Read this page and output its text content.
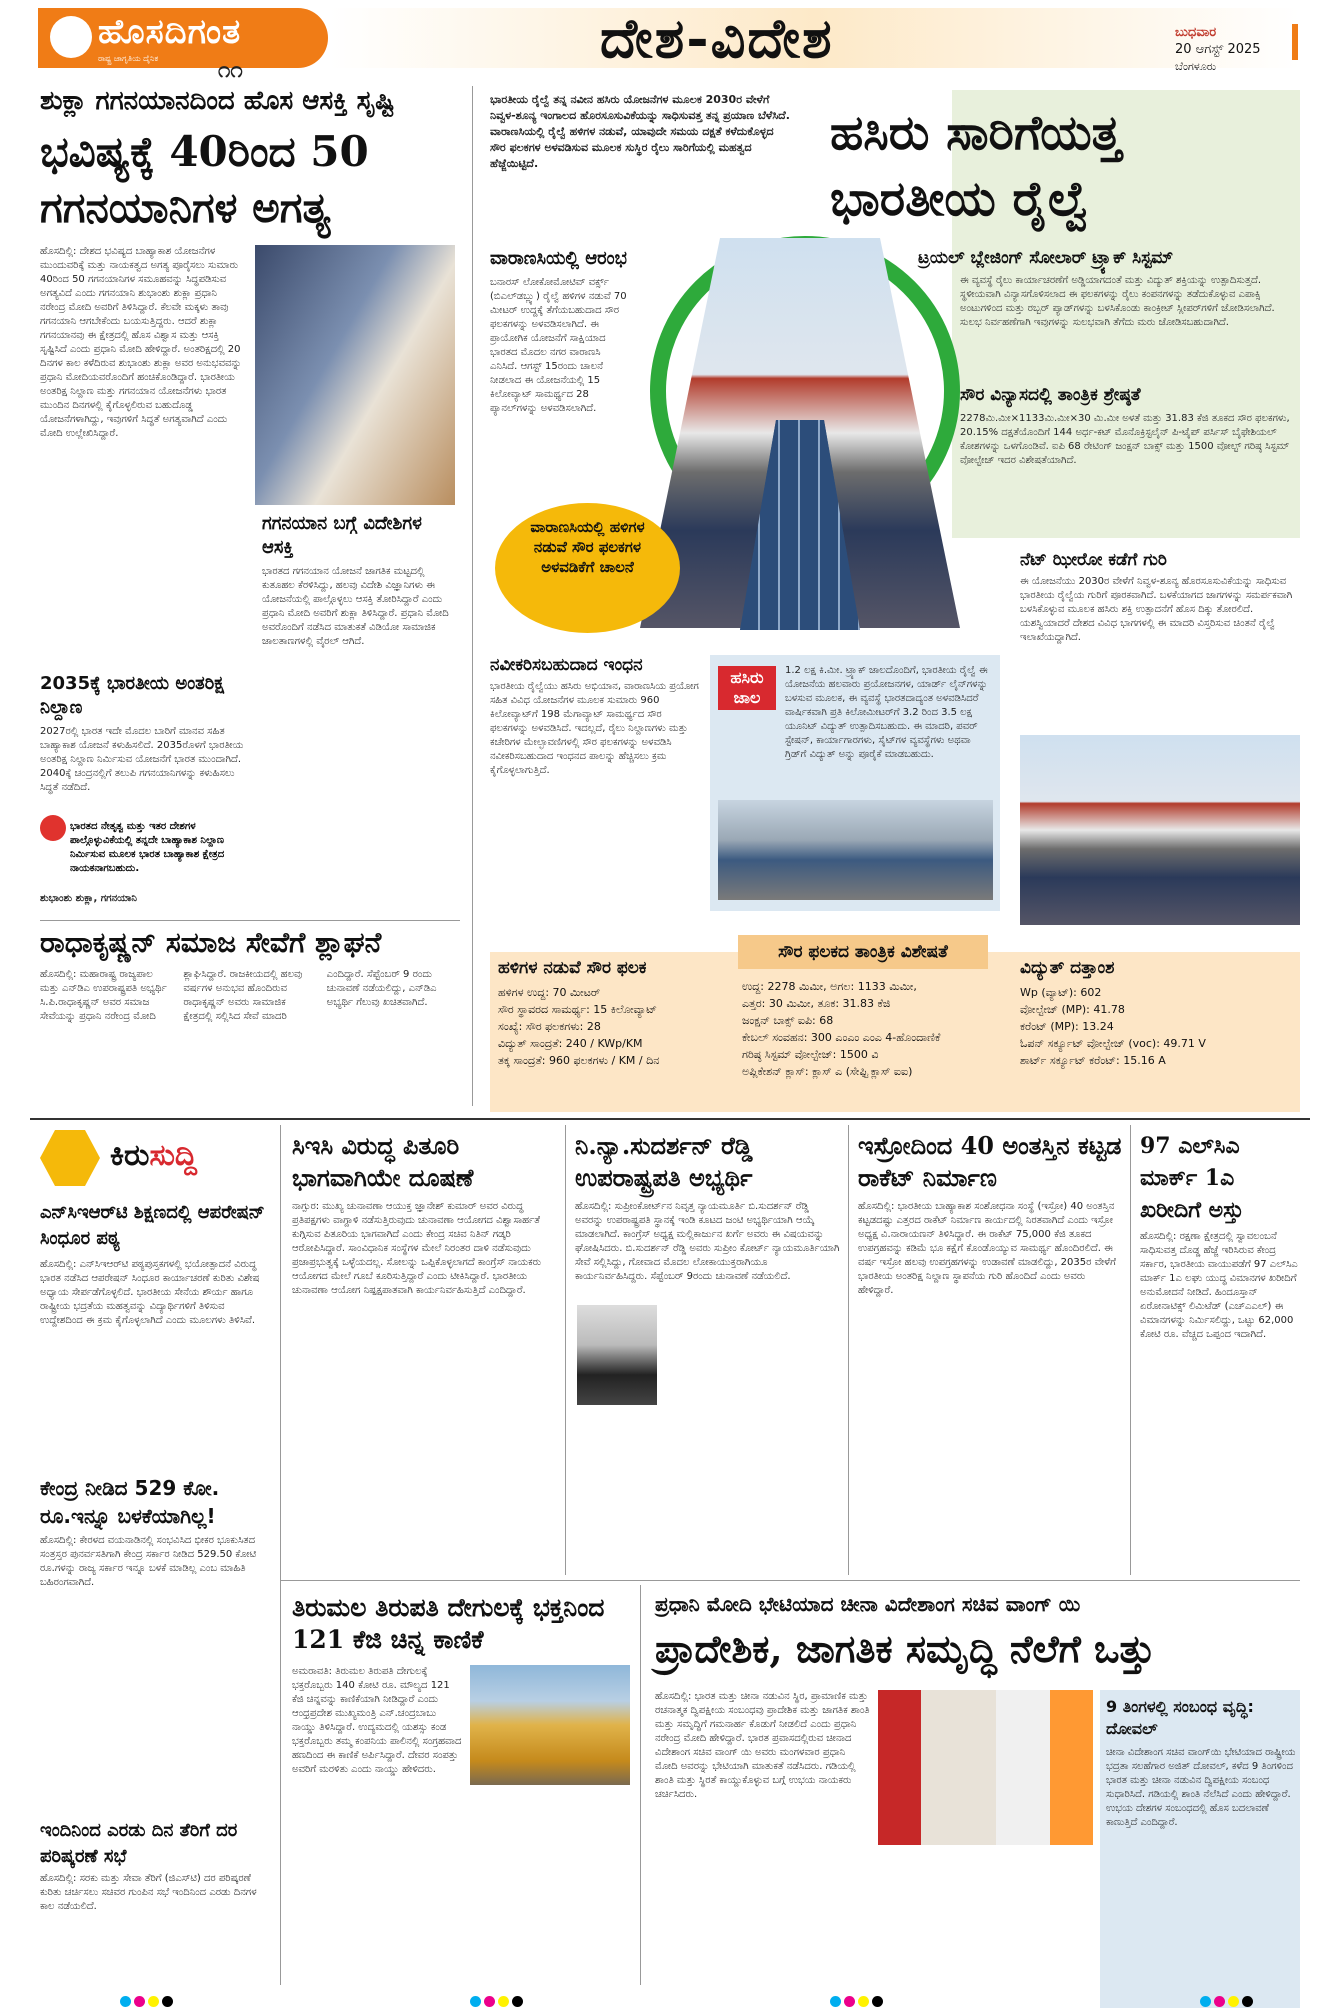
ಹೊಸದಿಗಂತ
ರಾಷ್ಟ್ರ ಜಾಗೃತಿಯ ದೈನಿಕ	೧೧
ದೇಶ-ವಿದೇಶ	ಬುಧವಾರ
20 ಆಗಸ್ಟ್ 2025
ಬೆಂಗಳೂರು
ಶುಕ್ಲಾ ಗಗನಯಾನದಿಂದ ಹೊಸ ಆಸಕ್ತಿ ಸೃಷ್ಟಿ
ಭವಿಷ್ಯಕ್ಕೆ 40ರಿಂದ 50 ಗಗನಯಾನಿಗಳ ಅಗತ್ಯ
ಹೊಸದಿಲ್ಲಿ: ದೇಶದ ಭವಿಷ್ಯದ ಬಾಹ್ಯಾಕಾಶ ಯೋಜನೆಗಳ ಮುಂದುವರಿಕ್ಕೆ ಮತ್ತು ನಾಯಕತ್ವದ ಅಗತ್ಯ ಪೂರೈಸಲು ಸುಮಾರು 40ರಿಂದ 50 ಗಗನಯಾನಿಗಳ ಸಮೂಹವನ್ನು ಸಿದ್ಧಪಡಿಸುವ ಅಗತ್ಯವಿದೆ ಎಂದು ಗಗನಯಾನಿ ಶುಭಾಂಶು ಶುಕ್ಲಾ ಪ್ರಧಾನಿ ನರೇಂದ್ರ ಮೋದಿ ಅವರಿಗೆ ತಿಳಿಸಿದ್ದಾರೆ. ಕೆಲವೇ ಮಕ್ಕಳು ತಾವು ಗಗನಯಾನಿ ಆಗಬೇಕೆಂದು ಬಯಸುತ್ತಿದ್ದರು. ಆದರೆ ಶುಕ್ಲಾ ಗಗನಯಾನವು ಈ ಕ್ಷೇತ್ರದಲ್ಲಿ ಹೊಸ ವಿಶ್ವಾಸ ಮತ್ತು ಆಸಕ್ತಿ ಸೃಷ್ಟಿಸಿದೆ ಎಂದು ಪ್ರಧಾನಿ ಮೋದಿ ಹೇಳಿದ್ದಾರೆ. ಅಂತರಿಕ್ಷದಲ್ಲಿ 20 ದಿನಗಳ ಕಾಲ ಕಳೆದಿರುವ ಶುಭಾಂಶು ಶುಕ್ಲಾ ಅವರ ಅನುಭವವನ್ನು ಪ್ರಧಾನಿ ಮೋದಿಯವರೊಂದಿಗೆ ಹಂಚಿಕೊಂಡಿದ್ದಾರೆ. ಭಾರತೀಯ ಅಂತರಿಕ್ಷ ನಿಲ್ದಾಣ ಮತ್ತು ಗಗನಯಾನ ಯೋಜನೆಗಳು ಭಾರತ ಮುಂದಿನ ದಿನಗಳಲ್ಲಿ ಕೈಗೊಳ್ಳಲಿರುವ ಬಹುದೊಡ್ಡ ಯೋಜನೆಗಳಾಗಿದ್ದು, ಇವುಗಳಿಗೆ ಸಿದ್ಧತೆ ಅಗತ್ಯವಾಗಿದೆ ಎಂದು ಮೋದಿ ಉಲ್ಲೇಖಿಸಿದ್ದಾರೆ.
ಗಗನಯಾನ ಬಗ್ಗೆ ವಿದೇಶಿಗಳ ಆಸಕ್ತಿ
ಭಾರತದ ಗಗನಯಾನ ಯೋಜನೆ ಜಾಗತಿಕ ಮಟ್ಟದಲ್ಲಿ ಕುತೂಹಲ ಕೆರಳಿಸಿದ್ದು, ಹಲವು ವಿದೇಶಿ ವಿಜ್ಞಾನಿಗಳು ಈ ಯೋಜನೆಯಲ್ಲಿ ಪಾಲ್ಗೊಳ್ಳಲು ಆಸಕ್ತಿ ತೋರಿಸಿದ್ದಾರೆ ಎಂದು ಪ್ರಧಾನಿ ಮೋದಿ ಅವರಿಗೆ ಶುಕ್ಲಾ ತಿಳಿಸಿದ್ದಾರೆ. ಪ್ರಧಾನಿ ಮೋದಿ ಅವರೊಂದಿಗೆ ನಡೆಸಿದ ಮಾತುಕತೆ ವಿಡಿಯೋ ಸಾಮಾಜಿಕ ಜಾಲತಾಣಗಳಲ್ಲಿ ವೈರಲ್ ಆಗಿದೆ.
2035ಕ್ಕೆ ಭಾರತೀಯ ಅಂತರಿಕ್ಷ ನಿಲ್ದಾಣ
2027ರಲ್ಲಿ ಭಾರತ ಇದೇ ಮೊದಲ ಬಾರಿಗೆ ಮಾನವ ಸಹಿತ ಬಾಹ್ಯಾಕಾಶ ಯೋಜನೆ ಕಳುಹಿಸಲಿದೆ. 2035ರೊಳಗೆ ಭಾರತೀಯ ಅಂತರಿಕ್ಷ ನಿಲ್ದಾಣ ನಿರ್ಮಿಸುವ ಯೋಜನೆಗೆ ಭಾರತ ಮುಂದಾಗಿದೆ. 2040ಕ್ಕೆ ಚಂದ್ರನಲ್ಲಿಗೆ ತಲುಪಿ ಗಗನಯಾನಿಗಳನ್ನು ಕಳುಹಿಸಲು ಸಿದ್ಧತೆ ನಡೆದಿದೆ.
ಭಾರತದ ನೇತೃತ್ವ ಮತ್ತು ಇತರ ದೇಶಗಳ ಪಾಲ್ಗೊಳ್ಳುವಿಕೆಯಲ್ಲಿ ತನ್ನದೇ ಬಾಹ್ಯಾಕಾಶ ನಿಲ್ದಾಣ ನಿರ್ಮಿಸುವ ಮೂಲಕ ಭಾರತ ಬಾಹ್ಯಾಕಾಶ ಕ್ಷೇತ್ರದ ನಾಯಕನಾಗಬಹುದು.
ಶುಭಾಂಶು ಶುಕ್ಲಾ, ಗಗನಯಾನಿ
ರಾಧಾಕೃಷ್ಣನ್ ಸಮಾಜ ಸೇವೆಗೆ ಶ್ಲಾಘನೆ
ಹೊಸದಿಲ್ಲಿ: ಮಹಾರಾಷ್ಟ್ರ ರಾಜ್ಯಪಾಲ ಮತ್ತು ಎನ್‌ಡಿಎ ಉಪರಾಷ್ಟ್ರಪತಿ ಅಭ್ಯರ್ಥಿ ಸಿ.ಪಿ.ರಾಧಾಕೃಷ್ಣನ್ ಅವರ ಸಮಾಜ ಸೇವೆಯನ್ನು ಪ್ರಧಾನಿ ನರೇಂದ್ರ ಮೋದಿ ಶ್ಲಾಘಿಸಿದ್ದಾರೆ. ರಾಜಕೀಯದಲ್ಲಿ ಹಲವು ವರ್ಷಗಳ ಅನುಭವ ಹೊಂದಿರುವ ರಾಧಾಕೃಷ್ಣನ್ ಅವರು ಸಾಮಾಜಿಕ ಕ್ಷೇತ್ರದಲ್ಲಿ ಸಲ್ಲಿಸಿದ ಸೇವೆ ಮಾದರಿ ಎಂದಿದ್ದಾರೆ. ಸೆಪ್ಟೆಂಬರ್ 9 ರಂದು ಚುನಾವಣೆ ನಡೆಯಲಿದ್ದು, ಎನ್‌ಡಿಎ ಅಭ್ಯರ್ಥಿ ಗೆಲುವು ಖಚಿತವಾಗಿದೆ.
ಭಾರತೀಯ ರೈಲ್ವೆ ತನ್ನ ನವೀನ ಹಸಿರು ಯೋಜನೆಗಳ ಮೂಲಕ 2030ರ ವೇಳೆಗೆ ನಿವ್ವಳ-ಶೂನ್ಯ ಇಂಗಾಲದ ಹೊರಸೂಸುವಿಕೆಯನ್ನು ಸಾಧಿಸುವತ್ತ ತನ್ನ ಪ್ರಯಾಣ ಬೆಳೆಸಿದೆ. ವಾರಾಣಸಿಯಲ್ಲಿ ರೈಲ್ವೆ ಹಳಿಗಳ ನಡುವೆ, ಯಾವುದೇ ಸಮಯ ದಕ್ಷತೆ ಕಳೆದುಕೊಳ್ಳದ ಸೌರ ಫಲಕಗಳ ಅಳವಡಿಸುವ ಮೂಲಕ ಸುಸ್ಥಿರ ರೈಲು ಸಾರಿಗೆಯಲ್ಲಿ ಮಹತ್ವದ ಹೆಜ್ಜೆಯಿಟ್ಟಿದೆ.
ಹಸಿರು ಸಾರಿಗೆಯತ್ತ
ಭಾರತೀಯ ರೈಲ್ವೆ
ವಾರಾಣಸಿಯಲ್ಲಿ ಆರಂಭ
ಬನಾರಸ್ ಲೋಕೋಮೋಟಿವ್ ವರ್ಕ್ಸ್ (ಬಿಎಲ್‌ಡಬ್ಲ್ಯು) ರೈಲ್ವೆ ಹಳಿಗಳ ನಡುವೆ 70 ಮೀಟರ್ ಉದ್ದಕ್ಕೆ ತೆಗೆಯಬಹುದಾದ ಸೌರ ಫಲಕಗಳನ್ನು ಅಳವಡಿಸಲಾಗಿದೆ. ಈ ಪ್ರಾಯೋಗಿಕ ಯೋಜನೆಗೆ ಸಾಕ್ಷಿಯಾದ ಭಾರತದ ಮೊದಲ ನಗರ ವಾರಾಣಸಿ ಎನಿಸಿದೆ. ಆಗಸ್ಟ್ 15ರಂದು ಚಾಲನೆ ನೀಡಲಾದ ಈ ಯೋಜನೆಯಲ್ಲಿ 15 ಕಿಲೋವ್ಯಾಟ್ ಸಾಮರ್ಥ್ಯದ 28 ಪ್ಯಾನಲ್‌ಗಳನ್ನು ಅಳವಡಿಸಲಾಗಿದೆ.
ವಾರಾಣಸಿಯಲ್ಲಿ ಹಳಿಗಳ ನಡುವೆ ಸೌರ ಫಲಕಗಳ ಅಳವಡಿಕೆಗೆ ಚಾಲನೆ
ಟ್ರಯಲ್ ಬ್ಲೇಜಿಂಗ್ ಸೋಲಾರ್ ಟ್ರ್ಯಾಕ್ ಸಿಸ್ಟಮ್
ಈ ವ್ಯವಸ್ಥೆ ರೈಲು ಕಾರ್ಯಾಚರಣೆಗೆ ಅಡ್ಡಿಯಾಗದಂತೆ ಮತ್ತು ವಿದ್ಯುತ್ ಶಕ್ತಿಯನ್ನು ಉತ್ಪಾದಿಸುತ್ತದೆ. ಸ್ಥಳೀಯವಾಗಿ ವಿನ್ಯಾಸಗೊಳಿಸಲಾದ ಈ ಫಲಕಗಳನ್ನು ರೈಲು ಕಂಪನಗಳನ್ನು ತಡೆದುಕೊಳ್ಳುವ ಎಪಾಕ್ಸಿ ಅಂಟುಗಳಿಂದ ಮತ್ತು ರಬ್ಬರ್ ಪ್ಯಾಡ್‌ಗಳನ್ನು ಬಳಸಿಕೊಂಡು ಕಾಂಕ್ರೀಟ್ ಸ್ಲೀಪರ್‌ಗಳಿಗೆ ಜೋಡಿಸಲಾಗಿದೆ. ಸುಲಭ ನಿರ್ವಹಣೆಗಾಗಿ ಇವುಗಳನ್ನು ಸುಲಭವಾಗಿ ತೆಗೆದು ಮರು ಜೋಡಿಸಬಹುದಾಗಿದೆ.
ಸೌರ ವಿನ್ಯಾಸದಲ್ಲಿ ತಾಂತ್ರಿಕ ಶ್ರೇಷ್ಠತೆ
2278ಮಿ.ಮೀ×1133ಮಿ.ಮೀ×30 ಮಿ.ಮೀ ಅಳತೆ ಮತ್ತು 31.83 ಕೆಜಿ ತೂಕದ ಸೌರ ಫಲಕಗಳು, 20.15% ದಕ್ಷತೆಯೊಂದಿಗೆ 144 ಅರ್ಧ-ಕಟ್ ಮೊನೊಕ್ರಿಸ್ಟಲೈನ್ ಪಿ-ಟೈಪ್ ಪರ್ಸಿಸ್ ಬೈಫೇಶಿಯಲ್ ಕೋಶಗಳನ್ನು ಒಳಗೊಂಡಿವೆ. ಐಪಿ 68 ರೇಟಿಂಗ್ ಜಂಕ್ಷನ್ ಬಾಕ್ಸ್ ಮತ್ತು 1500 ವೋಲ್ಟ್ ಗರಿಷ್ಠ ಸಿಸ್ಟಮ್ ವೋಲ್ಟೇಜ್ ಇದರ ವಿಶೇಷತೆಯಾಗಿದೆ.
ನೆಟ್ ಝೀರೋ ಕಡೆಗೆ ಗುರಿ
ಈ ಯೋಜನೆಯು 2030ರ ವೇಳೆಗೆ ನಿವ್ವಳ-ಶೂನ್ಯ ಹೊರಸೂಸುವಿಕೆಯನ್ನು ಸಾಧಿಸುವ ಭಾರತೀಯ ರೈಲ್ವೆಯ ಗುರಿಗೆ ಪೂರಕವಾಗಿದೆ. ಬಳಕೆಯಾಗದ ಜಾಗಗಳನ್ನು ಸಮರ್ಪಕವಾಗಿ ಬಳಸಿಕೊಳ್ಳುವ ಮೂಲಕ ಹಸಿರು ಶಕ್ತಿ ಉತ್ಪಾದನೆಗೆ ಹೊಸ ದಿಕ್ಕು ತೋರಲಿದೆ. ಯಶಸ್ವಿಯಾದರೆ ದೇಶದ ವಿವಿಧ ಭಾಗಗಳಲ್ಲಿ ಈ ಮಾದರಿ ವಿಸ್ತರಿಸುವ ಚಿಂತನೆ ರೈಲ್ವೆ ಇಲಾಖೆಯದ್ದಾಗಿದೆ.
ನವೀಕರಿಸಬಹುದಾದ ಇಂಧನ
ಭಾರತೀಯ ರೈಲ್ವೆಯು ಹಸಿರು ಅಭಿಯಾನ, ವಾರಾಣಸಿಯ ಪ್ರಯೋಗ ಸಹಿತ ವಿವಿಧ ಯೋಜನೆಗಳ ಮೂಲಕ ಸುಮಾರು 960 ಕಿಲೋವ್ಯಾಟ್‌ಗೆ 198 ಮೆಗಾವ್ಯಾಟ್ ಸಾಮರ್ಥ್ಯದ ಸೌರ ಫಲಕಗಳನ್ನು ಅಳವಡಿಸಿದೆ. ಇದಲ್ಲದೆ, ರೈಲು ನಿಲ್ದಾಣಗಳು ಮತ್ತು ಕಚೇರಿಗಳ ಮೇಲ್ಛಾವಣಿಗಳಲ್ಲಿ ಸೌರ ಫಲಕಗಳನ್ನು ಅಳವಡಿಸಿ ನವೀಕರಿಸಬಹುದಾದ ಇಂಧನದ ಪಾಲನ್ನು ಹೆಚ್ಚಿಸಲು ಕ್ರಮ ಕೈಗೊಳ್ಳಲಾಗುತ್ತಿದೆ.
ಹಸಿರು ಜಾಲ
1.2 ಲಕ್ಷ ಕಿ.ಮೀ. ಟ್ರ್ಯಾಕ್ ಜಾಲದೊಂದಿಗೆ, ಭಾರತೀಯ ರೈಲ್ವೆ ಈ ಯೋಜನೆಯ ಹಲವಾರು ಪ್ರಯೋಜನಗಳ, ಯಾರ್ಡ್ ಲೈನ್‌ಗಳನ್ನು ಬಳಸುವ ಮೂಲಕ, ಈ ವ್ಯವಸ್ಥೆ ಭಾರತದಾದ್ಯಂತ ಅಳವಡಿಸಿದರೆ ವಾರ್ಷಿಕವಾಗಿ ಪ್ರತಿ ಕಿಲೋಮೀಟರ್‌ಗೆ 3.2 ರಿಂದ 3.5 ಲಕ್ಷ ಯೂನಿಟ್ ವಿದ್ಯುತ್ ಉತ್ಪಾದಿಸಬಹುದು. ಈ ಮಾದರಿ, ಪವರ್ ಸ್ಟೇಷನ್, ಕಾರ್ಯಾಗಾರಗಳು, ಸೈಟ್‌ಗಳ ವ್ಯವಸ್ಥೆಗಳು ಅಥವಾ ಗ್ರಿಡ್‌ಗೆ ವಿದ್ಯುತ್ ಅನ್ನು ಪೂರೈಕೆ ಮಾಡಬಹುದು.
ಸೌರ ಫಲಕದ ತಾಂತ್ರಿಕ ವಿಶೇಷತೆ
ಹಳಿಗಳ ನಡುವೆ ಸೌರ ಫಲಕ
ಹಳಿಗಳ ಉದ್ದ: 70 ಮೀಟರ್
ಸೌರ ಸ್ಥಾವರದ ಸಾಮರ್ಥ್ಯ: 15 ಕಿಲೋವ್ಯಾಟ್
ಸಂಖ್ಯೆ: ಸೌರ ಫಲಕಗಳು: 28
ವಿದ್ಯುತ್ ಸಾಂದ್ರತೆ: 240 / KWp/KM
ತಕ್ಕ ಸಾಂದ್ರತೆ: 960 ಫಲಕಗಳು / KM / ದಿನ
ಉದ್ದ: 2278 ಮಿಮೀ, ಅಗಲ: 1133 ಮಿಮೀ,
ಎತ್ತರ: 30 ಮಿಮೀ, ತೂಕ: 31.83 ಕೆಜಿ
ಜಂಕ್ಷನ್ ಬಾಕ್ಸ್ ಐಪಿ: 68
ಕೇಬಲ್ ಸಂವಹನ: 300 ಎಂಎಂ ಎಂಎ 4-ಹೊಂದಾಣಿಕೆ
ಗರಿಷ್ಠ ಸಿಸ್ಟಮ್ ವೋಲ್ಟೇಜ್: 1500 ವಿ
ಅಪ್ಲಿಕೇಶನ್ ಕ್ಲಾಸ್: ಕ್ಲಾಸ್ ಎ (ಸೇಫ್ಟಿ ಕ್ಲಾಸ್ ಐಐ)
ವಿದ್ಯುತ್ ದತ್ತಾಂಶ
Wp (ವ್ಯಾಟ್): 602
ವೋಲ್ಟೇಜ್ (MP): 41.78
ಕರೆಂಟ್ (MP): 13.24
ಓಪನ್ ಸರ್ಕ್ಯೂಟ್ ವೋಲ್ಟೇಜ್ (voc): 49.71 V
ಶಾರ್ಟ್ ಸರ್ಕ್ಯೂಟ್ ಕರೆಂಟ್: 15.16 A
ಕಿರುಸುದ್ದಿ
ಎನ್‌ಸಿಇಆರ್‌ಟಿ ಶಿಕ್ಷಣದಲ್ಲಿ ಆಪರೇಷನ್ ಸಿಂಧೂರ ಪಠ್ಯ
ಹೊಸದಿಲ್ಲಿ: ಎನ್‌ಸಿಇಆರ್‌ಟಿ ಪಠ್ಯಪುಸ್ತಕಗಳಲ್ಲಿ ಭಯೋತ್ಪಾದನೆ ವಿರುದ್ಧ ಭಾರತ ನಡೆಸಿದ ಆಪರೇಷನ್ ಸಿಂಧೂರ ಕಾರ್ಯಾಚರಣೆ ಕುರಿತು ವಿಶೇಷ ಅಧ್ಯಾಯ ಸೇರ್ಪಡೆಗೊಳ್ಳಲಿದೆ. ಭಾರತೀಯ ಸೇನೆಯ ಶೌರ್ಯ ಹಾಗೂ ರಾಷ್ಟ್ರೀಯ ಭದ್ರತೆಯ ಮಹತ್ವವನ್ನು ವಿದ್ಯಾರ್ಥಿಗಳಿಗೆ ತಿಳಿಸುವ ಉದ್ದೇಶದಿಂದ ಈ ಕ್ರಮ ಕೈಗೊಳ್ಳಲಾಗಿದೆ ಎಂದು ಮೂಲಗಳು ತಿಳಿಸಿವೆ.
ಕೇಂದ್ರ ನೀಡಿದ 529 ಕೋ. ರೂ.ಇನ್ನೂ ಬಳಕೆಯಾಗಿಲ್ಲ!
ಹೊಸದಿಲ್ಲಿ: ಕೇರಳದ ವಯನಾಡಿನಲ್ಲಿ ಸಂಭವಿಸಿದ ಭೀಕರ ಭೂಕುಸಿತದ ಸಂತ್ರಸ್ತರ ಪುನರ್ವಸತಿಗಾಗಿ ಕೇಂದ್ರ ಸರ್ಕಾರ ನೀಡಿದ 529.50 ಕೋಟಿ ರೂ.ಗಳನ್ನು ರಾಜ್ಯ ಸರ್ಕಾರ ಇನ್ನೂ ಬಳಕೆ ಮಾಡಿಲ್ಲ ಎಂಬ ಮಾಹಿತಿ ಬಹಿರಂಗವಾಗಿದೆ.
ಇಂದಿನಿಂದ ಎರಡು ದಿನ ತೆರಿಗೆ ದರ ಪರಿಷ್ಕರಣೆ ಸಭೆ
ಹೊಸದಿಲ್ಲಿ: ಸರಕು ಮತ್ತು ಸೇವಾ ತೆರಿಗೆ (ಜಿಎಸ್‌ಟಿ) ದರ ಪರಿಷ್ಕರಣೆ ಕುರಿತು ಚರ್ಚಿಸಲು ಸಚಿವರ ಗುಂಪಿನ ಸಭೆ ಇಂದಿನಿಂದ ಎರಡು ದಿನಗಳ ಕಾಲ ನಡೆಯಲಿದೆ.
ಸಿಇಸಿ ವಿರುದ್ಧ ಪಿತೂರಿ ಭಾಗವಾಗಿಯೇ ದೂಷಣೆ
ನಾಗ್ಪುರ: ಮುಖ್ಯ ಚುನಾವಣಾ ಆಯುಕ್ತ ಜ್ಞಾನೇಶ್ ಕುಮಾರ್ ಅವರ ವಿರುದ್ಧ ಪ್ರತಿಪಕ್ಷಗಳು ವಾಗ್ದಾಳಿ ನಡೆಸುತ್ತಿರುವುದು ಚುನಾವಣಾ ಆಯೋಗದ ವಿಶ್ವಾಸಾರ್ಹತೆ ಕುಗ್ಗಿಸುವ ಪಿತೂರಿಯ ಭಾಗವಾಗಿದೆ ಎಂದು ಕೇಂದ್ರ ಸಚಿವ ನಿತಿನ್ ಗಡ್ಕರಿ ಆರೋಪಿಸಿದ್ದಾರೆ. ಸಾಂವಿಧಾನಿಕ ಸಂಸ್ಥೆಗಳ ಮೇಲೆ ನಿರಂತರ ದಾಳಿ ನಡೆಸುವುದು ಪ್ರಜಾಪ್ರಭುತ್ವಕ್ಕೆ ಒಳ್ಳೆಯದಲ್ಲ. ಸೋಲನ್ನು ಒಪ್ಪಿಕೊಳ್ಳಲಾಗದೆ ಕಾಂಗ್ರೆಸ್ ನಾಯಕರು ಆಯೋಗದ ಮೇಲೆ ಗೂಬೆ ಕೂರಿಸುತ್ತಿದ್ದಾರೆ ಎಂದು ಟೀಕಿಸಿದ್ದಾರೆ. ಭಾರತೀಯ ಚುನಾವಣಾ ಆಯೋಗ ನಿಷ್ಪಕ್ಷಪಾತವಾಗಿ ಕಾರ್ಯನಿರ್ವಹಿಸುತ್ತಿದೆ ಎಂದಿದ್ದಾರೆ.
ನಿ.ನ್ಯಾ.ಸುದರ್ಶನ್ ರೆಡ್ಡಿ ಉಪರಾಷ್ಟ್ರಪತಿ ಅಭ್ಯರ್ಥಿ
ಹೊಸದಿಲ್ಲಿ: ಸುಪ್ರೀಂಕೋರ್ಟ್‌ನ ನಿವೃತ್ತ ನ್ಯಾಯಮೂರ್ತಿ ಬಿ.ಸುದರ್ಶನ್ ರೆಡ್ಡಿ ಅವರನ್ನು ಉಪರಾಷ್ಟ್ರಪತಿ ಸ್ಥಾನಕ್ಕೆ ಇಂಡಿ ಕೂಟದ ಜಂಟಿ ಅಭ್ಯರ್ಥಿಯಾಗಿ ಆಯ್ಕೆ ಮಾಡಲಾಗಿದೆ. ಕಾಂಗ್ರೆಸ್ ಅಧ್ಯಕ್ಷ ಮಲ್ಲಿಕಾರ್ಜುನ ಖರ್ಗೆ ಅವರು ಈ ವಿಷಯವನ್ನು ಘೋಷಿಸಿದರು. ಬಿ.ಸುದರ್ಶನ್ ರೆಡ್ಡಿ ಅವರು ಸುಪ್ರೀಂ ಕೋರ್ಟ್ ನ್ಯಾಯಮೂರ್ತಿಯಾಗಿ ಸೇವೆ ಸಲ್ಲಿಸಿದ್ದು, ಗೋವಾದ ಮೊದಲ ಲೋಕಾಯುಕ್ತರಾಗಿಯೂ ಕಾರ್ಯನಿರ್ವಹಿಸಿದ್ದರು. ಸೆಪ್ಟೆಂಬರ್ 9ರಂದು ಚುನಾವಣೆ ನಡೆಯಲಿದೆ.
ಇಸ್ರೋದಿಂದ 40 ಅಂತಸ್ತಿನ ಕಟ್ಟಡ ರಾಕೆಟ್ ನಿರ್ಮಾಣ
ಹೊಸದಿಲ್ಲಿ: ಭಾರತೀಯ ಬಾಹ್ಯಾಕಾಶ ಸಂಶೋಧನಾ ಸಂಸ್ಥೆ (ಇಸ್ರೋ) 40 ಅಂತಸ್ತಿನ ಕಟ್ಟಡದಷ್ಟು ಎತ್ತರದ ರಾಕೆಟ್ ನಿರ್ಮಾಣ ಕಾರ್ಯದಲ್ಲಿ ನಿರತವಾಗಿದೆ ಎಂದು ಇಸ್ರೋ ಅಧ್ಯಕ್ಷ ವಿ.ನಾರಾಯಣನ್ ತಿಳಿಸಿದ್ದಾರೆ. ಈ ರಾಕೆಟ್ 75,000 ಕೆಜಿ ತೂಕದ ಉಪಗ್ರಹವನ್ನು ಕಡಿಮೆ ಭೂ ಕಕ್ಷೆಗೆ ಕೊಂಡೊಯ್ಯುವ ಸಾಮರ್ಥ್ಯ ಹೊಂದಿರಲಿದೆ. ಈ ವರ್ಷ ಇಸ್ರೋ ಹಲವು ಉಪಗ್ರಹಗಳನ್ನು ಉಡಾವಣೆ ಮಾಡಲಿದ್ದು, 2035ರ ವೇಳೆಗೆ ಭಾರತೀಯ ಅಂತರಿಕ್ಷ ನಿಲ್ದಾಣ ಸ್ಥಾಪನೆಯ ಗುರಿ ಹೊಂದಿದೆ ಎಂದು ಅವರು ಹೇಳಿದ್ದಾರೆ.
97 ಎಲ್‌ಸಿಎ ಮಾರ್ಕ್ 1ಎ ಖರೀದಿಗೆ ಅಸ್ತು
ಹೊಸದಿಲ್ಲಿ: ರಕ್ಷಣಾ ಕ್ಷೇತ್ರದಲ್ಲಿ ಸ್ವಾವಲಂಬನೆ ಸಾಧಿಸುವತ್ತ ದೊಡ್ಡ ಹೆಜ್ಜೆ ಇರಿಸಿರುವ ಕೇಂದ್ರ ಸರ್ಕಾರ, ಭಾರತೀಯ ವಾಯುಪಡೆಗೆ 97 ಎಲ್‌ಸಿಎ ಮಾರ್ಕ್ 1ಎ ಲಘು ಯುದ್ಧ ವಿಮಾನಗಳ ಖರೀದಿಗೆ ಅನುಮೋದನೆ ನೀಡಿದೆ. ಹಿಂದೂಸ್ತಾನ್ ಏರೋನಾಟಿಕ್ಸ್ ಲಿಮಿಟೆಡ್ (ಎಚ್‌ಎಎಲ್) ಈ ವಿಮಾನಗಳನ್ನು ನಿರ್ಮಿಸಲಿದ್ದು, ಒಟ್ಟು 62,000 ಕೋಟಿ ರೂ. ವೆಚ್ಚದ ಒಪ್ಪಂದ ಇದಾಗಿದೆ.
ತಿರುಮಲ ತಿರುಪತಿ ದೇಗುಲಕ್ಕೆ ಭಕ್ತನಿಂದ 121 ಕೆಜಿ ಚಿನ್ನ ಕಾಣಿಕೆ
ಅಮರಾವತಿ: ತಿರುಮಲ ತಿರುಪತಿ ದೇಗುಲಕ್ಕೆ ಭಕ್ತರೊಬ್ಬರು 140 ಕೋಟಿ ರೂ. ಮೌಲ್ಯದ 121 ಕೆಜಿ ಚಿನ್ನವನ್ನು ಕಾಣಿಕೆಯಾಗಿ ನೀಡಿದ್ದಾರೆ ಎಂದು ಆಂಧ್ರಪ್ರದೇಶ ಮುಖ್ಯಮಂತ್ರಿ ಎನ್.ಚಂದ್ರಬಾಬು ನಾಯ್ಡು ತಿಳಿಸಿದ್ದಾರೆ. ಉದ್ಯಮದಲ್ಲಿ ಯಶಸ್ಸು ಕಂಡ ಭಕ್ತರೊಬ್ಬರು ತಮ್ಮ ಕಂಪನಿಯ ಪಾಲಿನಲ್ಲಿ ಸಂಗ್ರಹವಾದ ಹಣದಿಂದ ಈ ಕಾಣಿಕೆ ಅರ್ಪಿಸಿದ್ದಾರೆ. ದೇವರ ಸಂಪತ್ತು ಅವರಿಗೆ ಮರಳಿತು ಎಂದು ನಾಯ್ಡು ಹೇಳಿದರು.
ಪ್ರಧಾನಿ ಮೋದಿ ಭೇಟಿಯಾದ ಚೀನಾ ವಿದೇಶಾಂಗ ಸಚಿವ ವಾಂಗ್ ಯಿ
ಪ್ರಾದೇಶಿಕ, ಜಾಗತಿಕ ಸಮೃದ್ಧಿ ನೆಲೆಗೆ ಒತ್ತು
ಹೊಸದಿಲ್ಲಿ: ಭಾರತ ಮತ್ತು ಚೀನಾ ನಡುವಿನ ಸ್ಥಿರ, ಪ್ರಾಮಾಣಿಕ ಮತ್ತು ರಚನಾತ್ಮಕ ದ್ವಿಪಕ್ಷೀಯ ಸಂಬಂಧವು ಪ್ರಾದೇಶಿಕ ಮತ್ತು ಜಾಗತಿಕ ಶಾಂತಿ ಮತ್ತು ಸಮೃದ್ಧಿಗೆ ಗಮನಾರ್ಹ ಕೊಡುಗೆ ನೀಡಲಿದೆ ಎಂದು ಪ್ರಧಾನಿ ನರೇಂದ್ರ ಮೋದಿ ಹೇಳಿದ್ದಾರೆ. ಭಾರತ ಪ್ರವಾಸದಲ್ಲಿರುವ ಚೀನಾದ ವಿದೇಶಾಂಗ ಸಚಿವ ವಾಂಗ್ ಯಿ ಅವರು ಮಂಗಳವಾರ ಪ್ರಧಾನಿ ಮೋದಿ ಅವರನ್ನು ಭೇಟಿಯಾಗಿ ಮಾತುಕತೆ ನಡೆಸಿದರು. ಗಡಿಯಲ್ಲಿ ಶಾಂತಿ ಮತ್ತು ಸ್ಥಿರತೆ ಕಾಯ್ದುಕೊಳ್ಳುವ ಬಗ್ಗೆ ಉಭಯ ನಾಯಕರು ಚರ್ಚಿಸಿದರು.
9 ತಿಂಗಳಲ್ಲಿ ಸಂಬಂಧ ವೃದ್ಧಿ: ದೋವಲ್
ಚೀನಾ ವಿದೇಶಾಂಗ ಸಚಿವ ವಾಂಗ್‌ಯಿ ಭೇಟಿಯಾದ ರಾಷ್ಟ್ರೀಯ ಭದ್ರತಾ ಸಲಹೆಗಾರ ಅಜಿತ್ ದೋವಲ್, ಕಳೆದ 9 ತಿಂಗಳಿಂದ ಭಾರತ ಮತ್ತು ಚೀನಾ ನಡುವಿನ ದ್ವಿಪಕ್ಷೀಯ ಸಂಬಂಧ ಸುಧಾರಿಸಿದೆ. ಗಡಿಯಲ್ಲಿ ಶಾಂತಿ ನೆಲೆಸಿದೆ ಎಂದು ಹೇಳಿದ್ದಾರೆ. ಉಭಯ ದೇಶಗಳ ಸಂಬಂಧದಲ್ಲಿ ಹೊಸ ಬದಲಾವಣೆ ಕಾಣುತ್ತಿದೆ ಎಂದಿದ್ದಾರೆ.
